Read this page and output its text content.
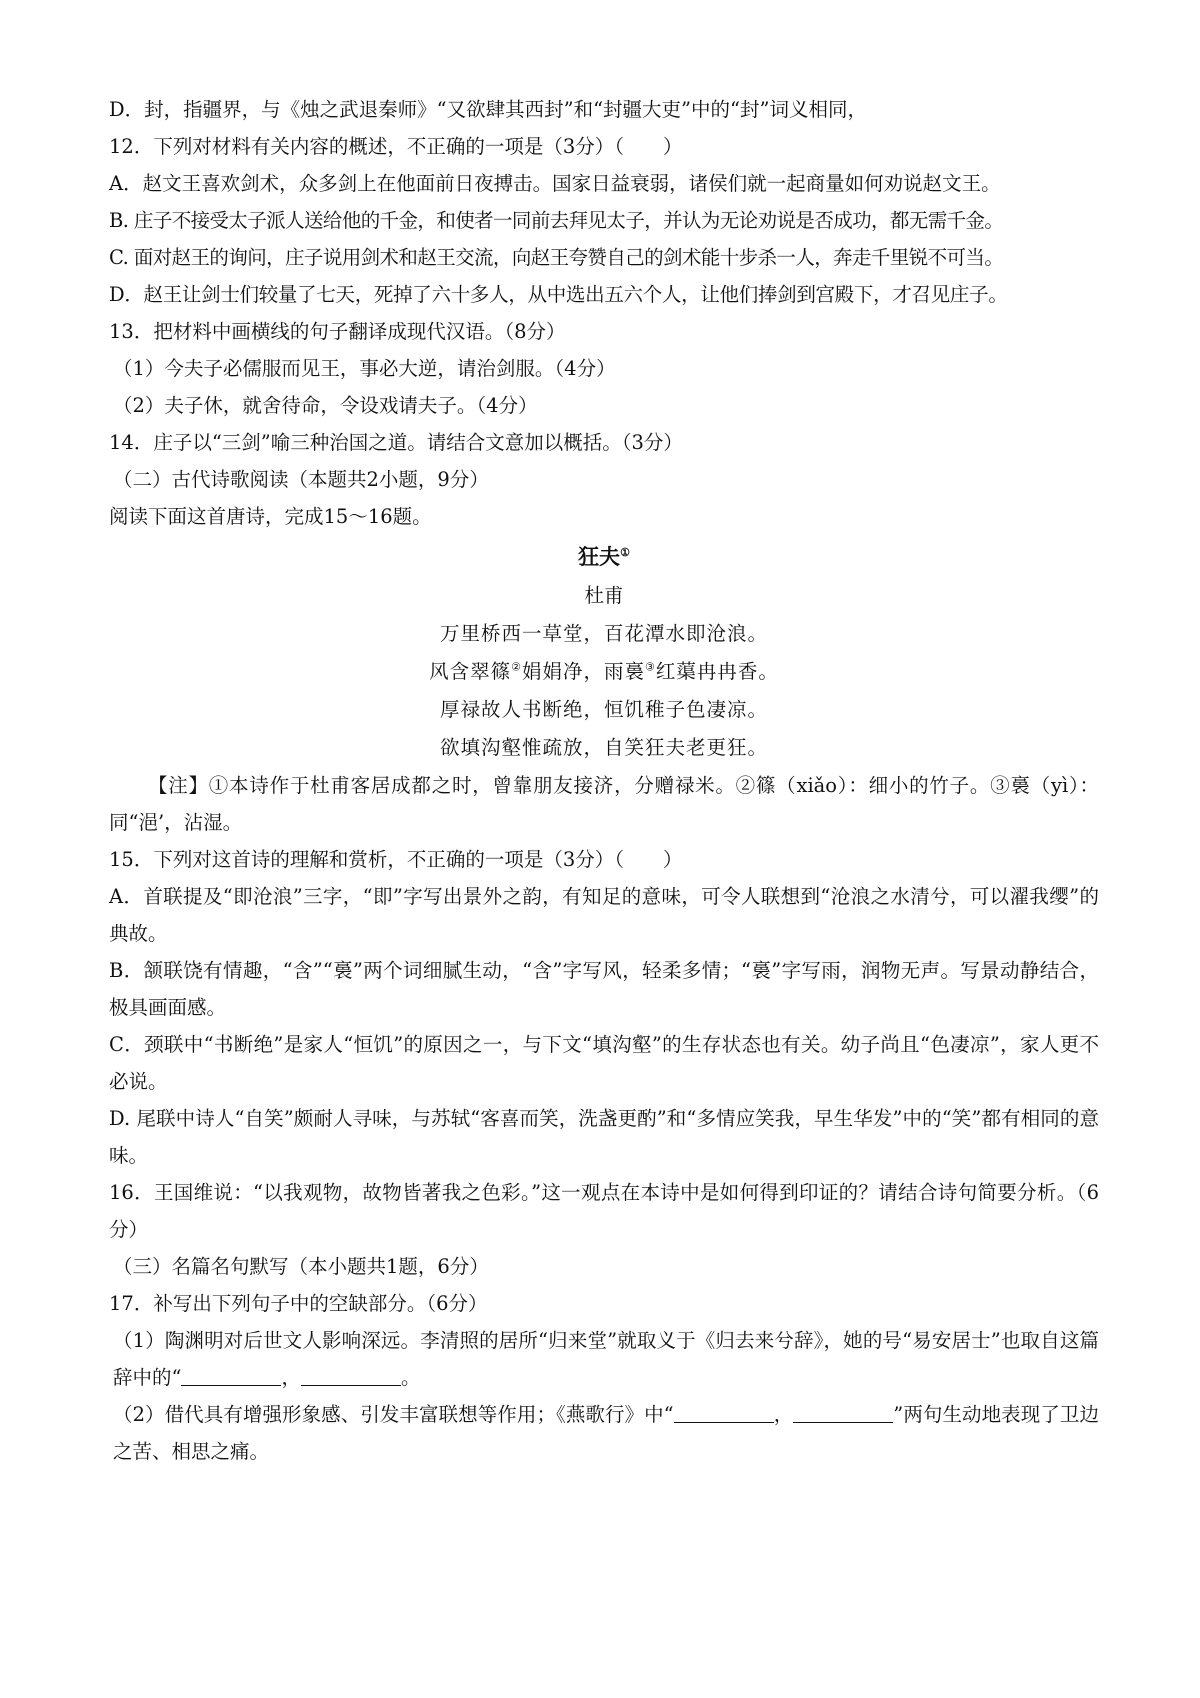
D．封，指疆界，与《烛之武退秦师》“又欲肆其西封”和“封疆大吏”中的“封”词义相同，

12．下列对材料有关内容的概述，不正确的一项是（3分）（　　）

A．赵文王喜欢剑术，众多剑上在他面前日夜搏击。国家日益衰弱，诸侯们就一起商量如何劝说赵文王。

B. 庄子不接受太子派人送给他的千金，和使者一同前去拜见太子，并认为无论劝说是否成功，都无需千金。

C. 面对赵王的询问，庄子说用剑术和赵王交流，向赵王夸赞自己的剑术能十步杀一人，奔走千里锐不可当。

D．赵王让剑士们较量了七天，死掉了六十多人，从中选出五六个人，让他们捧剑到宫殿下，才召见庄子。

13．把材料中画横线的句子翻译成现代汉语。（8分）

（1）今夫子必儒服而见王，事必大逆，请治剑服。（4分）

（2）夫子休，就舍待命，令设戏请夫子。（4分）

14．庄子以“三剑”喻三种治国之道。请结合文意加以概括。（3分）

（二）古代诗歌阅读（本题共2小题，9分）

阅读下面这首唐诗，完成15～16题。

狂夫①

杜甫

万里桥西一草堂，百花潭水即沧浪。

风含翠篠②娟娟净，雨裛③红蕖冉冉香。

厚禄故人书断绝，恒饥稚子色凄凉。

欲填沟壑惟疏放，自笑狂夫老更狂。

【注】①本诗作于杜甫客居成都之时，曾靠朋友接济，分赠禄米。②篠（xiǎo）：细小的竹子。③裛（yì）：同“浥’，沾湿。

15．下列对这首诗的理解和赏析，不正确的一项是（3分）（　　）

A．首联提及“即沧浪”三字，“即”字写出景外之韵，有知足的意味，可令人联想到“沧浪之水清兮，可以濯我缨”的典故。

B．颔联饶有情趣，“含”“裛”两个词细腻生动，“含”字写风，轻柔多情；“裛”字写雨，润物无声。写景动静结合，极具画面感。

C．颈联中“书断绝”是家人“恒饥”的原因之一，与下文“填沟壑”的生存状态也有关。幼子尚且“色凄凉”，家人更不必说。

D. 尾联中诗人“自笑”颇耐人寻味，与苏轼“客喜而笑，洗盏更酌”和“多情应笑我，早生华发”中的“笑”都有相同的意味。

16．王国维说：“以我观物，故物皆著我之色彩。”这一观点在本诗中是如何得到印证的？请结合诗句简要分析。（6分）

（三）名篇名句默写（本小题共1题，6分）

17．补写出下列句子中的空缺部分。（6分）

（1）陶渊明对后世文人影响深远。李清照的居所“归来堂”就取义于《归去来兮辞》，她的号“易安居士”也取自这篇辞中的“	，	。

（2）借代具有增强形象感、引发丰富联想等作用；《燕歌行》中“	，	”两句生动地表现了卫边之苦、相思之痛。
